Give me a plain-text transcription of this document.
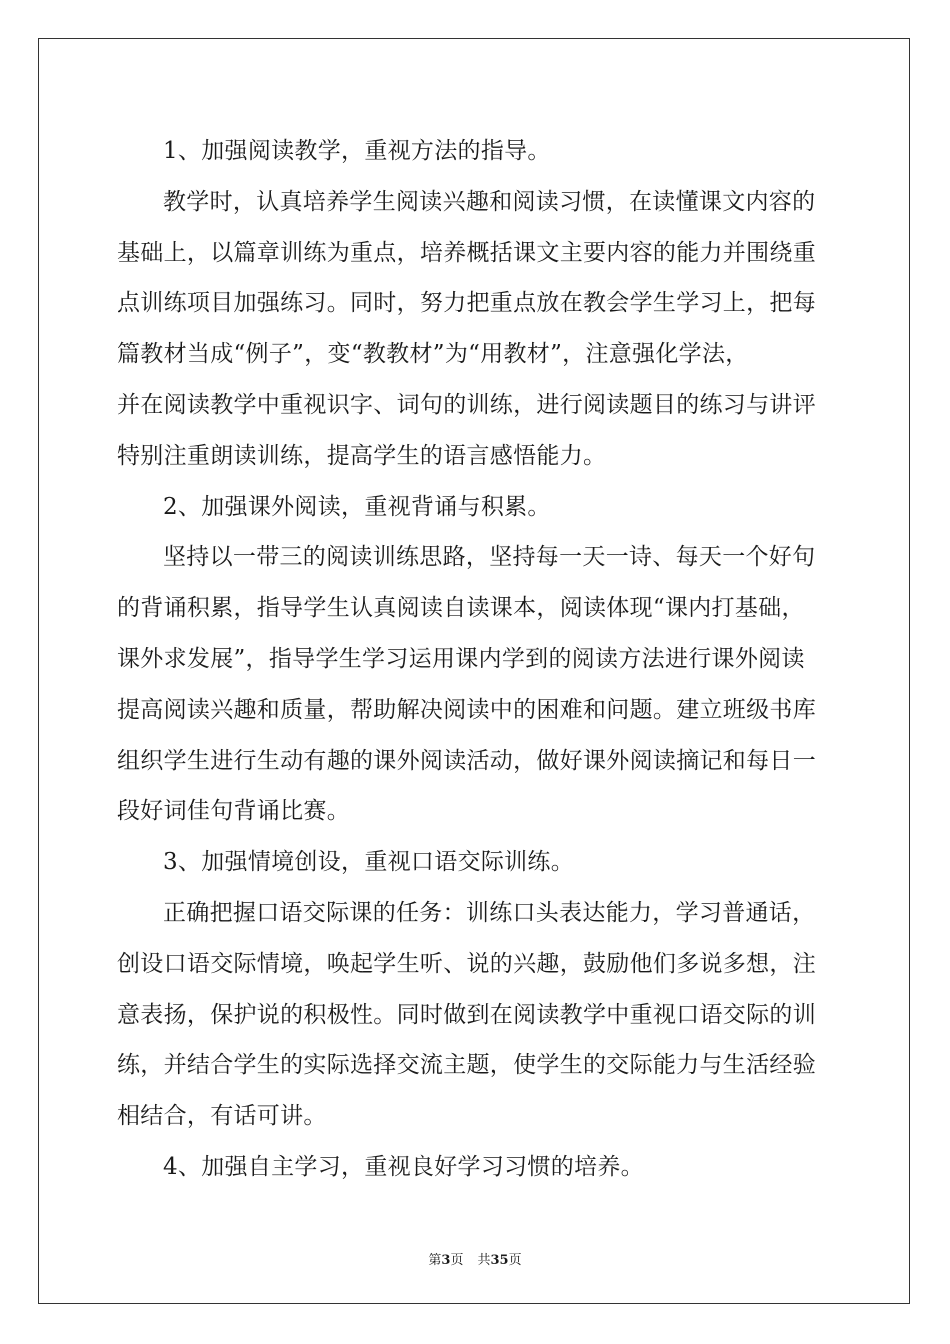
1、加强阅读教学，重视方法的指导。
教学时，认真培养学生阅读兴趣和阅读习惯，在读懂课文内容的
基础上，以篇章训练为重点，培养概括课文主要内容的能力并围绕重
点训练项目加强练习。同时，努力把重点放在教会学生学习上，把每
篇教材当成“例子”，变“教教材”为“用教材”，注意强化学法，
并在阅读教学中重视识字、词句的训练，进行阅读题目的练习与讲评
特别注重朗读训练，提高学生的语言感悟能力。
2、加强课外阅读，重视背诵与积累。
坚持以一带三的阅读训练思路，坚持每一天一诗、每天一个好句
的背诵积累，指导学生认真阅读自读课本，阅读体现“课内打基础，
课外求发展”，指导学生学习运用课内学到的阅读方法进行课外阅读
提高阅读兴趣和质量，帮助解决阅读中的困难和问题。建立班级书库
组织学生进行生动有趣的课外阅读活动，做好课外阅读摘记和每日一
段好词佳句背诵比赛。
3、加强情境创设，重视口语交际训练。
正确把握口语交际课的任务：训练口头表达能力，学习普通话，
创设口语交际情境，唤起学生听、说的兴趣，鼓励他们多说多想，注
意表扬，保护说的积极性。同时做到在阅读教学中重视口语交际的训
练，并结合学生的实际选择交流主题，使学生的交际能力与生活经验
相结合，有话可讲。
4、加强自主学习，重视良好学习习惯的培养。
第3页 共35页
